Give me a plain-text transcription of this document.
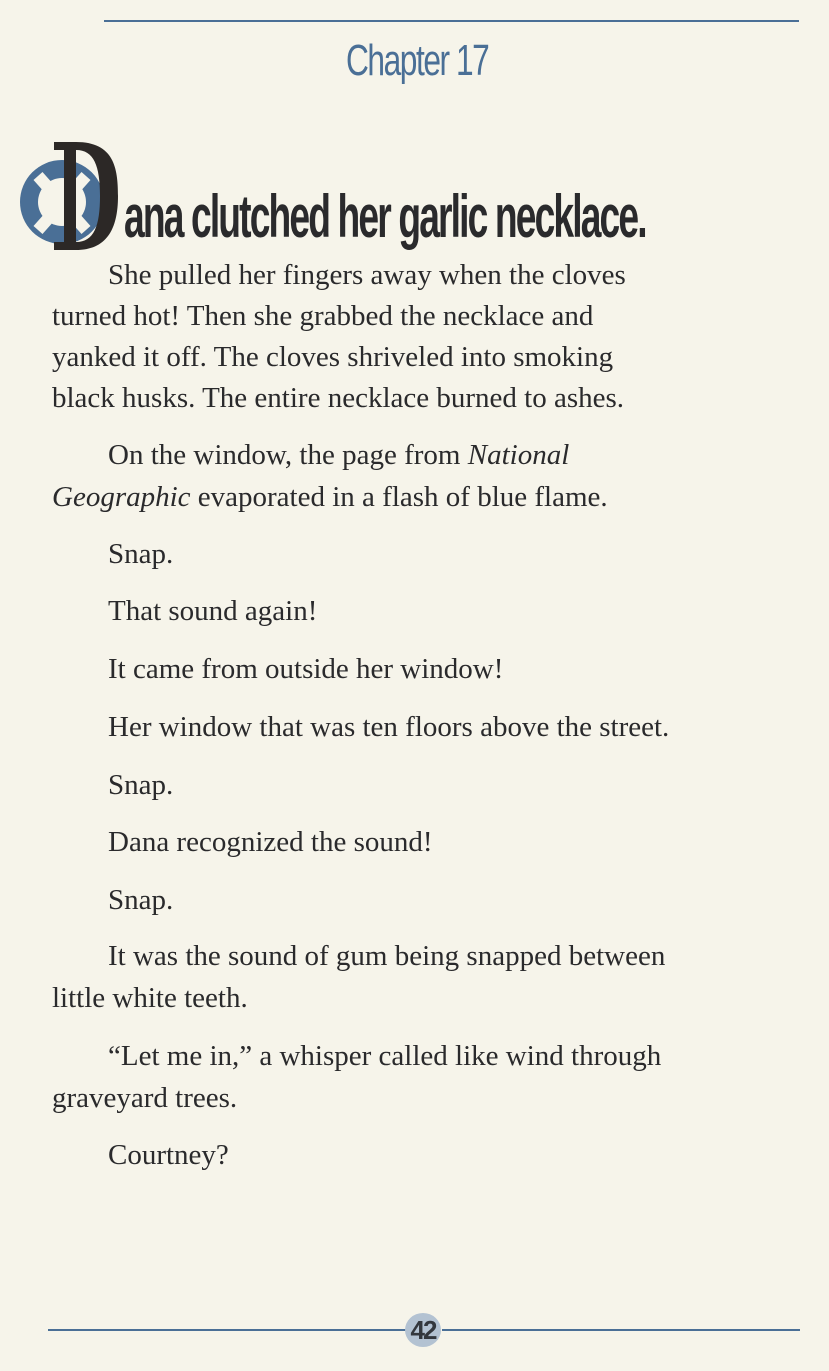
Chapter 17
ana clutched her garlic necklace.
She pulled her fingers away when the cloves
turned hot! Then she grabbed the necklace and
yanked it off. The cloves shriveled into smoking
black husks. The entire necklace burned to ashes.
On the window, the page from National
Geographic evaporated in a flash of blue flame.
Snap.
That sound again!
It came from outside her window!
Her window that was ten floors above the street.
Snap.
Dana recognized the sound!
Snap.
It was the sound of gum being snapped between
little white teeth.
“Let me in,” a whisper called like wind through
graveyard trees.
Courtney?
42
